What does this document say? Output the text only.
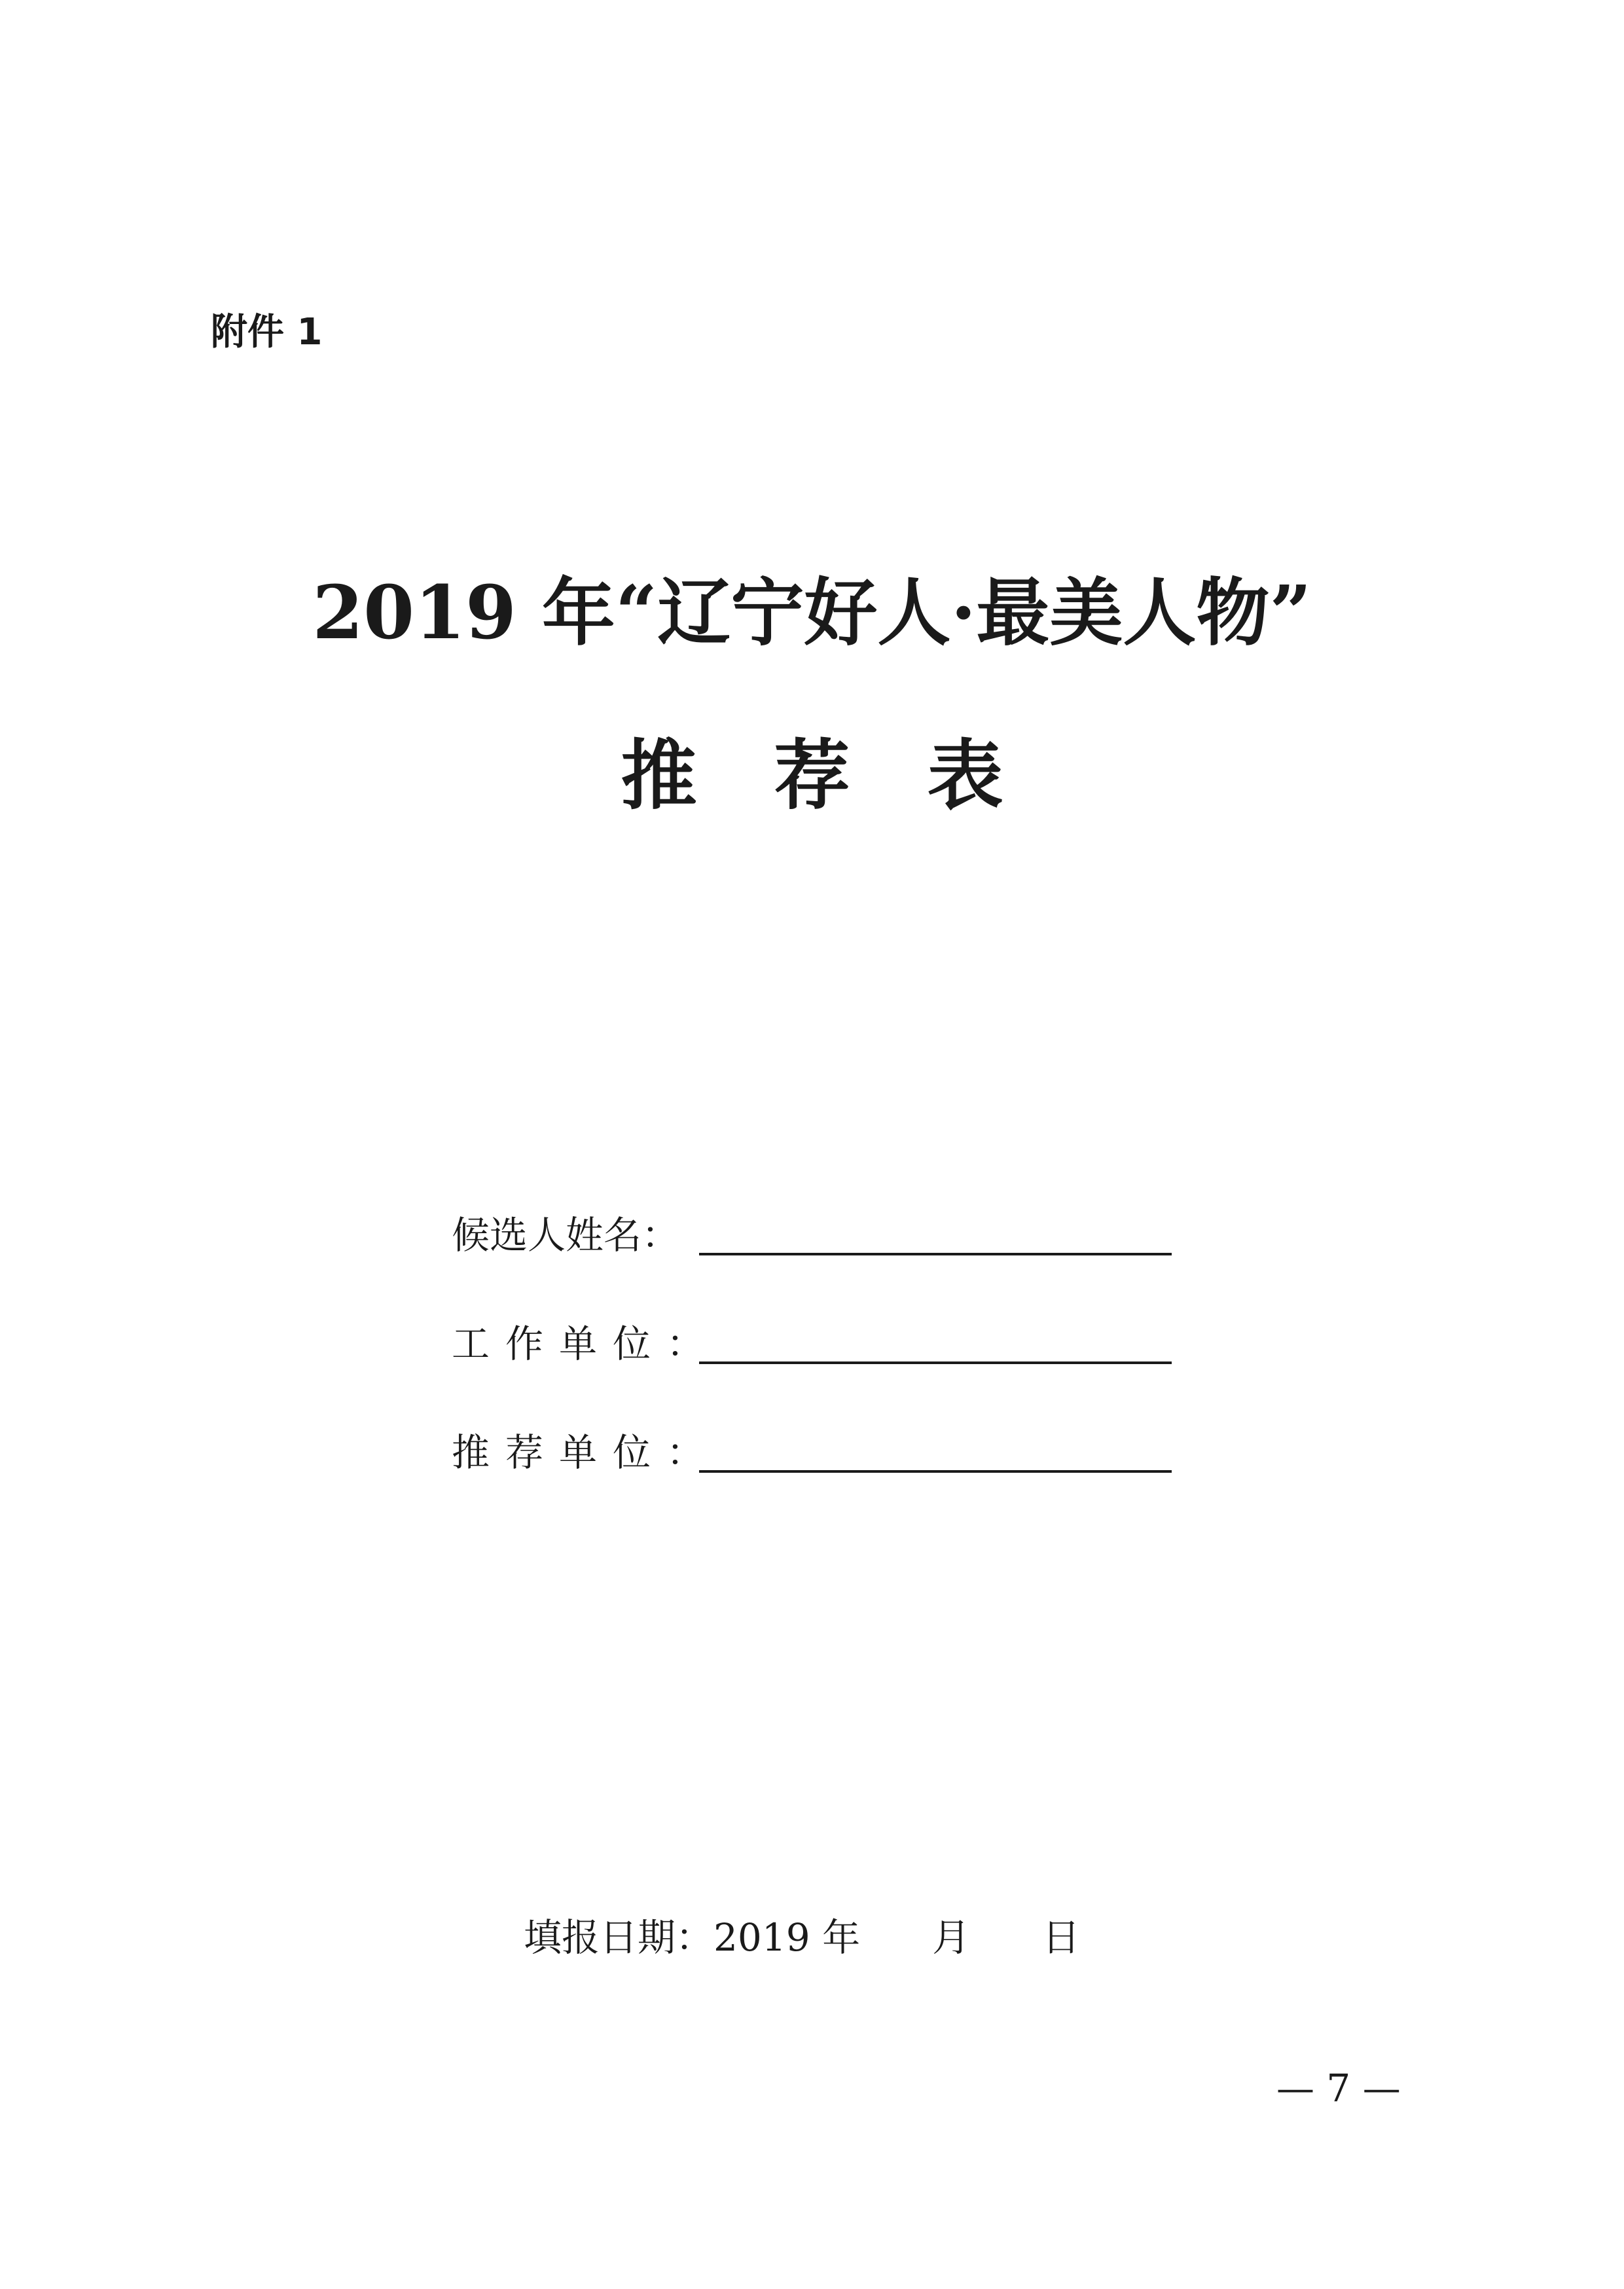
附件 1
2019 年“辽宁好人·最美人物”
推荐表
候选人姓名：
工作单位：
推荐单位：
填报日期：2019 年 月 日
— 7 —
